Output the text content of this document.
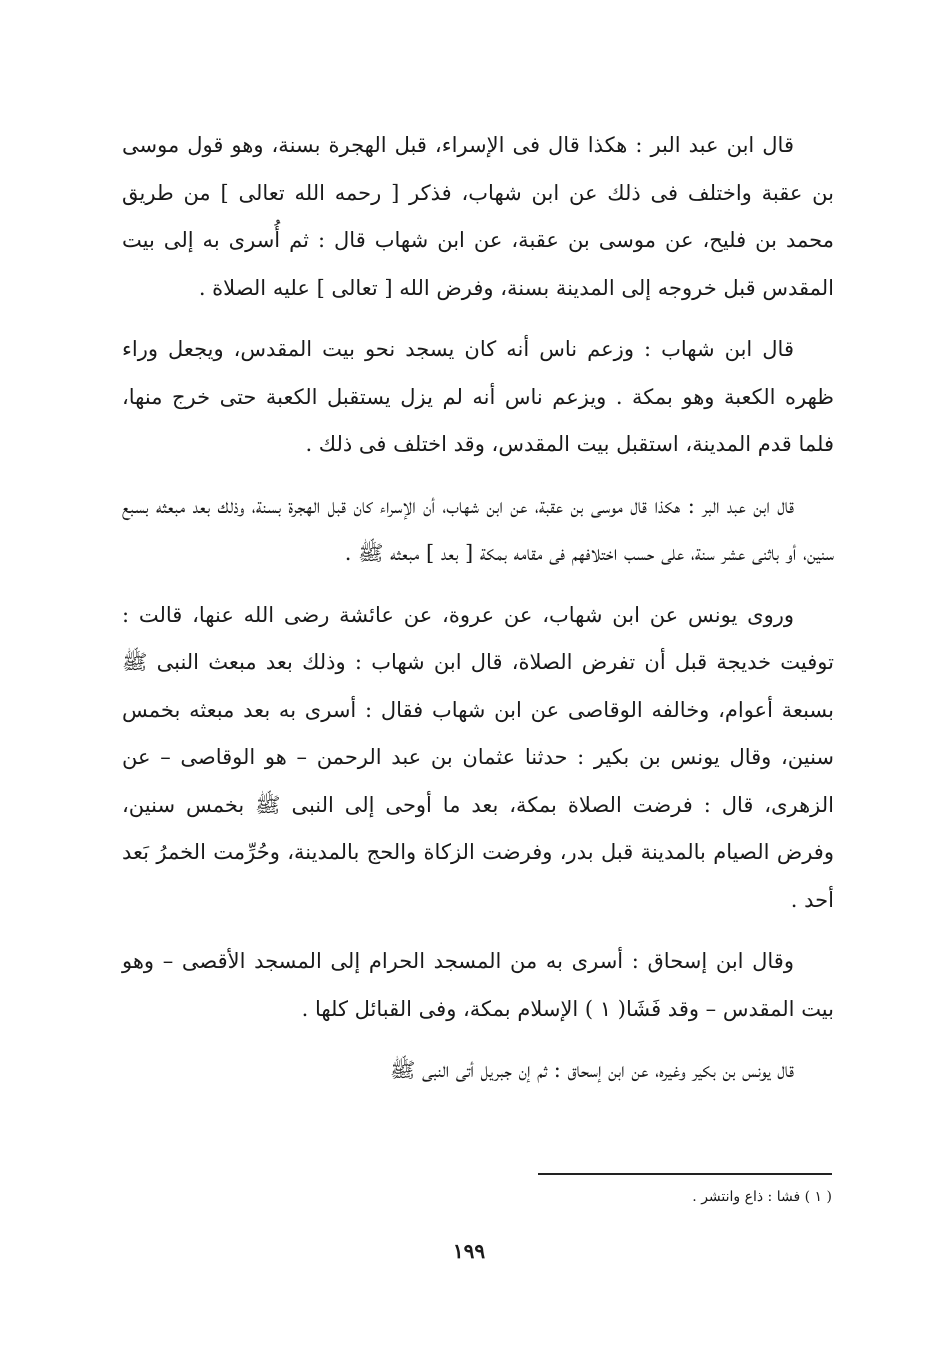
قال ابن عبد البر : هكذا قال فى الإسراء، قبل الهجرة بسنة، وهو قول موسى بن عقبة واختلف فى ذلك عن ابن شهاب، فذكر [ رحمه الله تعالى ] من طريق محمد بن فليح، عن موسى بن عقبة، عن ابن شهاب قال : ثم أُسرى به إلى بيت المقدس قبل خروجه إلى المدينة بسنة، وفرض الله [ تعالى ] عليه الصلاة .

قال ابن شهاب : وزعم ناس أنه كان يسجد نحو بيت المقدس، ويجعل وراء ظهره الكعبة وهو بمكة . ويزعم ناس أنه لم يزل يستقبل الكعبة حتى خرج منها، فلما قدم المدينة، استقبل بيت المقدس، وقد اختلف فى ذلك .

قال ابن عبد البر : هكذا قال موسى بن عقبة، عن ابن شهاب، أن الإسراء كان قبل الهجرة بسنة، وذلك بعد مبعثه بسبع سنين، أو باثنى عشر سنة، على حسب اختلافهم فى مقامه بمكة [ بعد ] مبعثه ﷺ .

وروى يونس عن ابن شهاب، عن عروة، عن عائشة رضى الله عنها، قالت : توفيت خديجة قبل أن تفرض الصلاة، قال ابن شهاب : وذلك بعد مبعث النبى ﷺ بسبعة أعوام، وخالفه الوقاصى عن ابن شهاب فقال : أسرى به بعد مبعثه بخمس سنين، وقال يونس بن بكير : حدثنا عثمان بن عبد الرحمن – هو الوقاصى – عن الزهرى، قال : فرضت الصلاة بمكة، بعد ما أوحى إلى النبى ﷺ بخمس سنين، وفرض الصيام بالمدينة قبل بدر، وفرضت الزكاة والحج بالمدينة، وحُرِّمت الخمرُ بَعد أحد .

وقال ابن إسحاق : أسرى به من المسجد الحرام إلى المسجد الأقصى – وهو بيت المقدس – وقد فَشَا( ١ ) الإسلام بمكة، وفى القبائل كلها .

قال يونس بن بكير وغيره، عن ابن إسحاق : ثم إن جبريل أتى النبى ﷺ

( ١ ) فشا : ذاع وانتشر .
١٩٩
